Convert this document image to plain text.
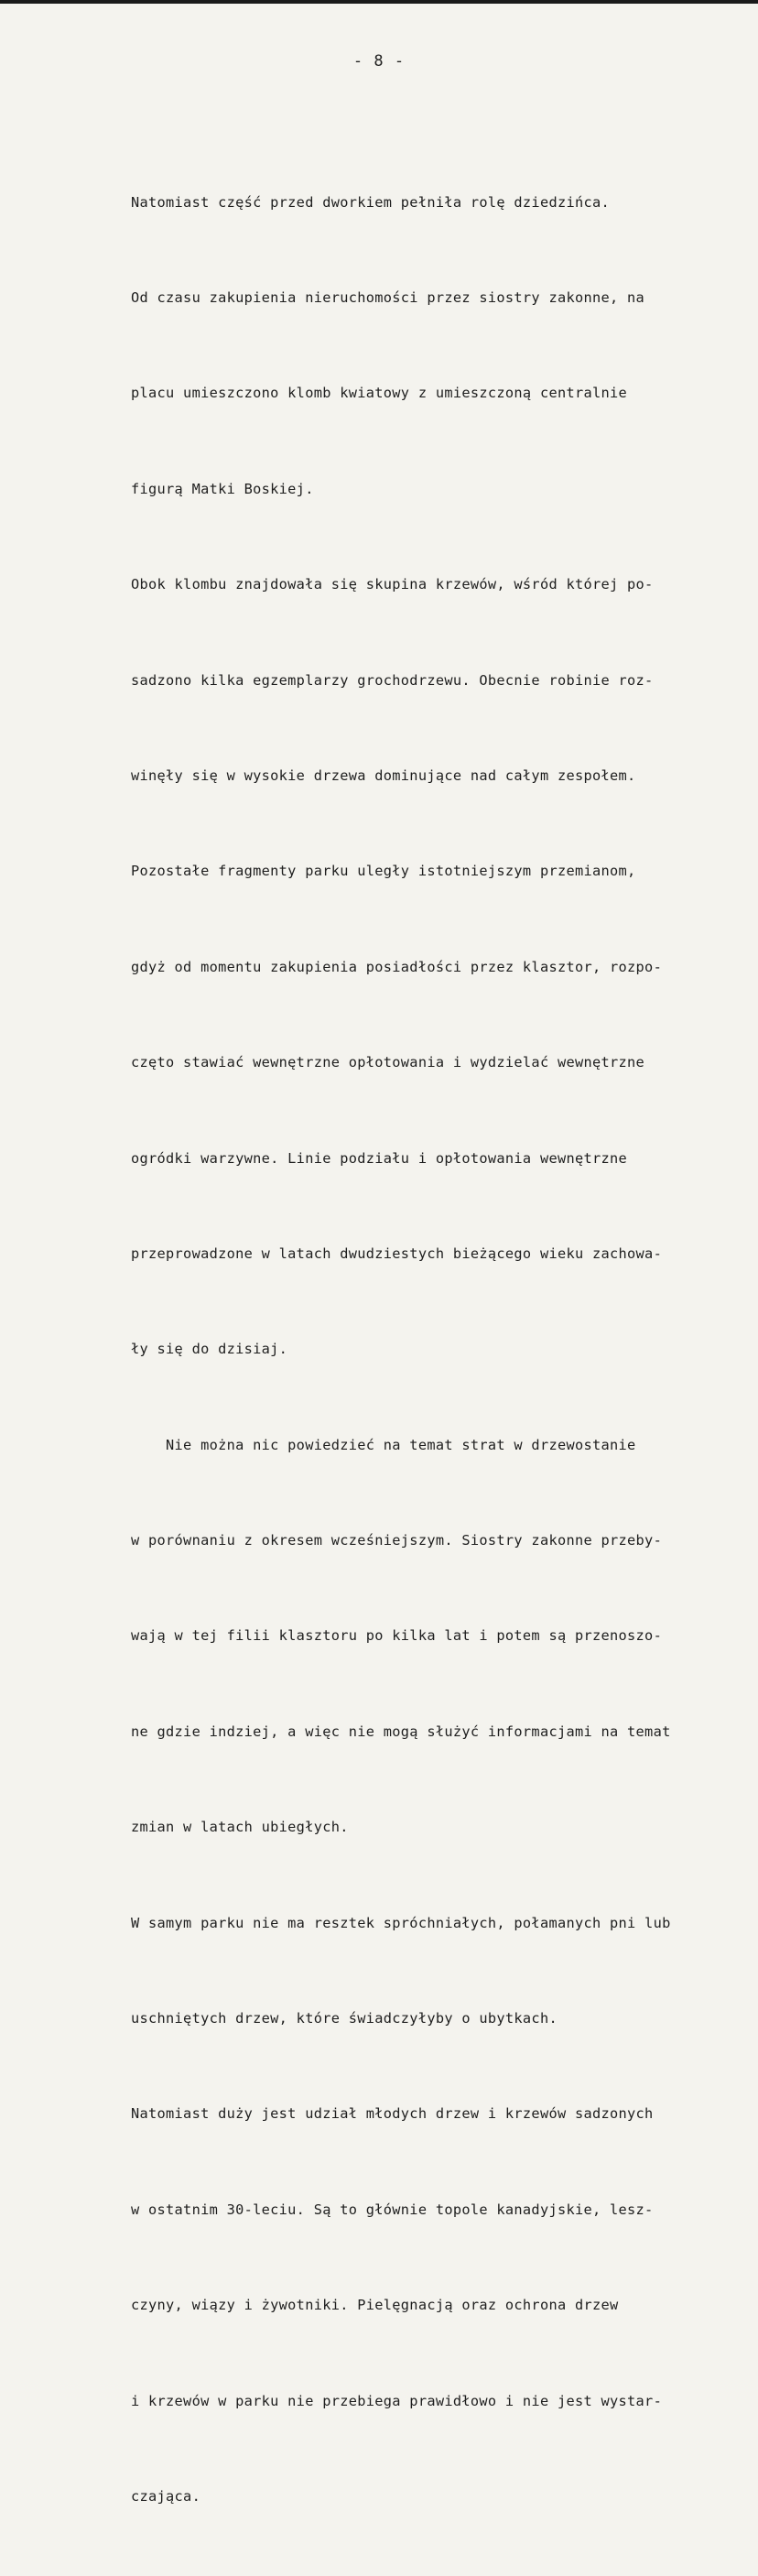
- 8 -

Natomiast część przed dworkiem pełniła rolę dziedzińca.

Od czasu zakupienia nieruchomości przez siostry zakonne, na

placu umieszczono klomb kwiatowy z umieszczoną centralnie

figurą Matki Boskiej.

Obok klombu znajdowała się skupina krzewów, wśród której po-

sadzono kilka egzemplarzy grochodrzewu. Obecnie robinie roz-

winęły się w wysokie drzewa dominujące nad całym zespołem.

Pozostałe fragmenty parku uległy istotniejszym przemianom,

gdyż od momentu zakupienia posiadłości przez klasztor, rozpo-

częto stawiać wewnętrzne opłotowania i wydzielać wewnętrzne

ogródki warzywne. Linie podziału i opłotowania wewnętrzne

przeprowadzone w latach dwudziestych bieżącego wieku zachowa-

ły się do dzisiaj.

Nie można nic powiedzieć na temat strat w drzewostanie

w porównaniu z okresem wcześniejszym. Siostry zakonne przeby-

wają w tej filii klasztoru po kilka lat i potem są przenoszo-

ne gdzie indziej, a więc nie mogą służyć informacjami na temat

zmian w latach ubiegłych.

W samym parku nie ma resztek spróchniałych, połamanych pni lub

uschniętych drzew, które świadczyłyby o ubytkach.

Natomiast duży jest udział młodych drzew i krzewów sadzonych

w ostatnim 30-leciu. Są to głównie topole kanadyjskie, lesz-

czyny, wiązy i żywotniki. Pielęgnacją oraz ochrona drzew

i krzewów w parku nie przebiega prawidłowo i nie jest wystar-

czająca.
